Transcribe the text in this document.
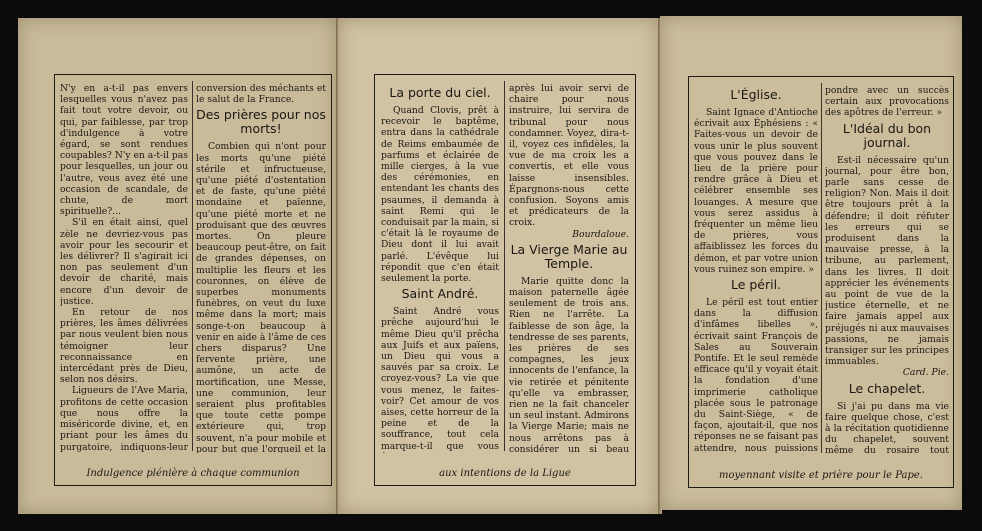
N'y en a-t-il pas envers lesquelles vous n'avez pas fait tout votre devoir, ou qui, par faiblesse, par trop d'indulgence à votre égard, se sont rendues coupables? N'y en a-t-il pas pour lesquelles, un jour ou l'autre, vous avez été une occasion de scandale, de chute, de mort spirituelle?...

S'il en était ainsi, quel zèle ne devriez-vous pas avoir pour les secourir et les délivrer? Il s'agirait ici non pas seulement d'un devoir de charité, mais encore d'un devoir de justice.

En retour de nos prières, les âmes délivrées par nous veulent bien nous témoigner leur reconnaissance en intercédant près de Dieu, selon nos désirs.

Ligueurs de l'Ave Maria, profitons de cette occasion que nous offre la miséricorde divine, et, en priant pour les âmes du purgatoire, indiquons-leur

conversion des méchants et le salut de la France.

Des prières pour nos morts!

Combien qui n'ont pour les morts qu'une piété stérile et infructueuse, qu'une piété d'ostentation et de faste, qu'une piété mondaine et païenne, qu'une piété morte et ne produisant que des œuvres mortes. On pleure beaucoup peut-être, on fait de grandes dépenses, on multiplie les fleurs et les couronnes, on élève de superbes monuments funèbres, on veut du luxe même dans la mort; mais songe-t-on beaucoup à venir en aide à l'âme de ces chers disparus? Une fervente prière, une aumône, un acte de mortification, une Messe, une communion, leur seraient plus profitables que toute cette pompe extérieure qui, trop souvent, n'a pour mobile et pour but que l'orgueil et la

Indulgence plénière à chaque communion
La porte du ciel.

Quand Clovis, prêt à recevoir le baptême, entra dans la cathédrale de Reims embaumée de parfums et éclairée de mille cierges, à la vue des cérémonies, en entendant les chants des psaumes, il demanda à saint Remi qui le conduisait par la main, si c'était là le royaume de Dieu dont il lui avait parlé. L'évêque lui répondit que c'en était seulement la porte.

Saint André.

Saint André vous prêche aujourd'hui le même Dieu qu'il prêcha aux Juifs et aux païens, un Dieu qui vous a sauvés par sa croix. Le croyez-vous? La vie que vous menez, le faites-voir? Cet amour de vos aises, cette horreur de la peine et de la souffrance, tout cela marque-t-il que vous

après lui avoir servi de chaire pour nous instruire, lui servira de tribunal pour nous condamner. Voyez, dira-t-il, voyez ces infidèles, la vue de ma croix les a convertis, et elle vous laisse insensibles. Épargnons-nous cette confusion. Soyons amis et prédicateurs de la croix.

Bourdaloue.

La Vierge Marie au Temple.

Marie quitte donc la maison paternelle âgée seulement de trois ans. Rien ne l'arrête. La faiblesse de son âge, la tendresse de ses parents, les prières de ses compagnes, les jeux innocents de l'enfance, la vie retirée et pénitente qu'elle va embrasser, rien ne la fait chanceler un seul instant. Admirons la Vierge Marie; mais ne nous arrêtons pas à considérer un si beau

aux intentions de la Ligue
L'Église.

Saint Ignace d'Antioche écrivait aux Éphésiens : « Faites-vous un devoir de vous unir le plus souvent que vous pouvez dans le lieu de la prière pour rendre grâce à Dieu et célébrer ensemble ses louanges. A mesure que vous serez assidus à fréquenter un même lieu de prières, vous affaiblissez les forces du démon, et par votre union vous ruinez son empire. »

Le péril.

Le péril est tout entier dans la diffusion d'infâmes libelles », écrivait saint François de Sales au Souverain Pontife. Et le seul remède efficace qu'il y voyait était la fondation d'une imprimerie catholique placée sous le patronage du Saint-Siège, « de façon, ajoutait-il, que nos réponses ne se faisant pas attendre, nous puissions

pondre avec un succès certain aux provocations des apôtres de l'erreur. »

L'Idéal du bon journal.

Est-il nécessaire qu'un journal, pour être bon, parle sans cesse de religion? Non. Mais il doit être toujours prêt à la défendre; il doit réfuter les erreurs qui se produisent dans la mauvaise presse, à la tribune, au parlement, dans les livres. Il doit apprécier les événements au point de vue de la justice éternelle, et ne faire jamais appel aux préjugés ni aux mauvaises passions, ne jamais transiger sur les principes immuables.

Card. Pie.

Le chapelet.

Si j'ai pu dans ma vie faire quelque chose, c'est à la récitation quotidienne du chapelet, souvent même du rosaire tout

moyennant visite et prière pour le Pape.
